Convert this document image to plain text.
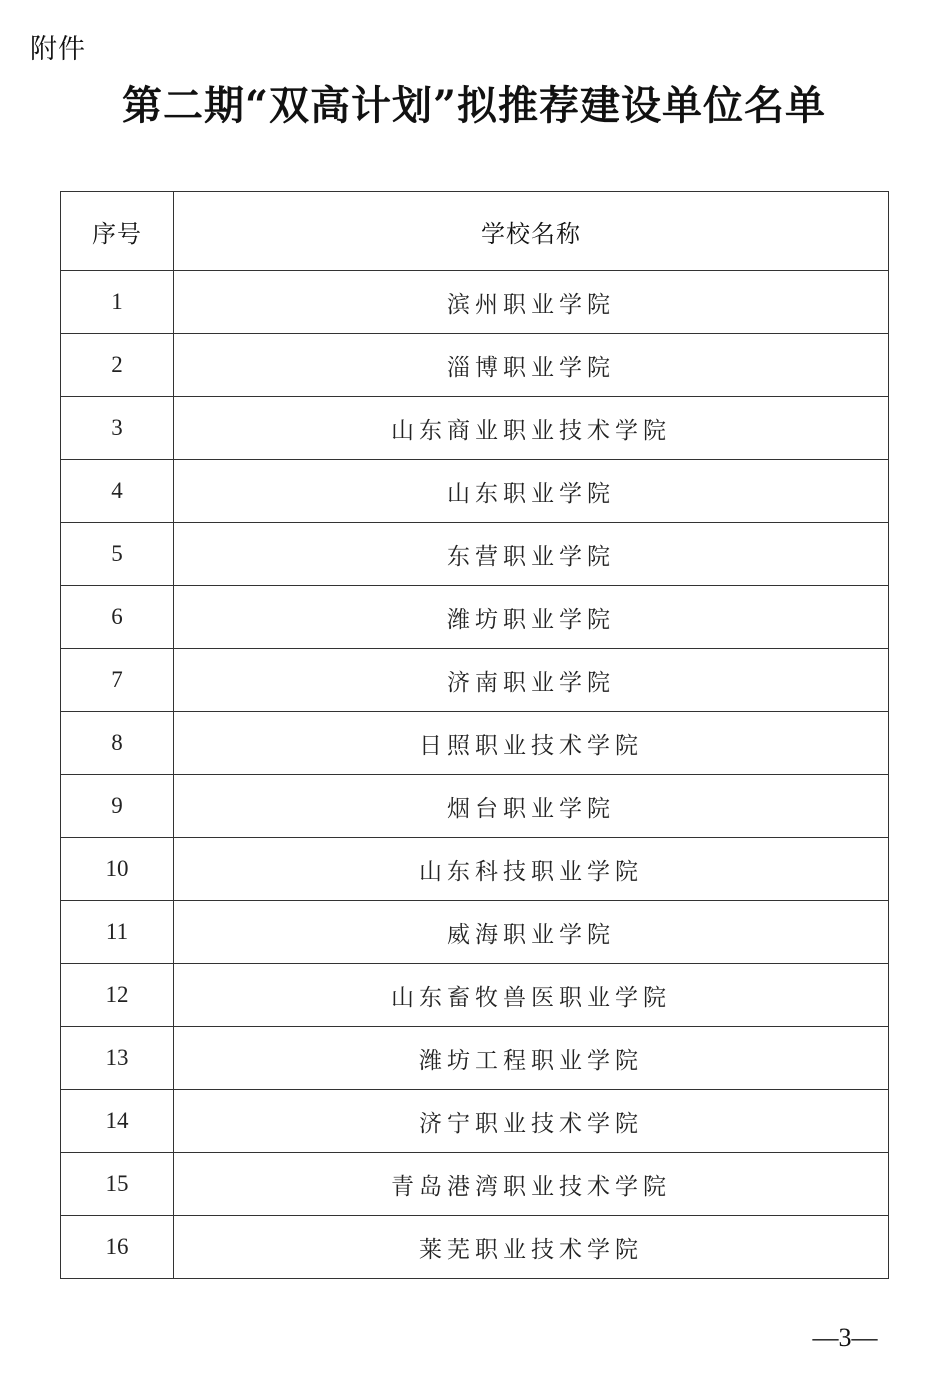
附件
第二期“双高计划”拟推荐建设单位名单
序号	学校名称
1	滨州职业学院
2	淄博职业学院
3	山东商业职业技术学院
4	山东职业学院
5	东营职业学院
6	潍坊职业学院
7	济南职业学院
8	日照职业技术学院
9	烟台职业学院
10	山东科技职业学院
11	威海职业学院
12	山东畜牧兽医职业学院
13	潍坊工程职业学院
14	济宁职业技术学院
15	青岛港湾职业技术学院
16	莱芜职业技术学院
—3—
